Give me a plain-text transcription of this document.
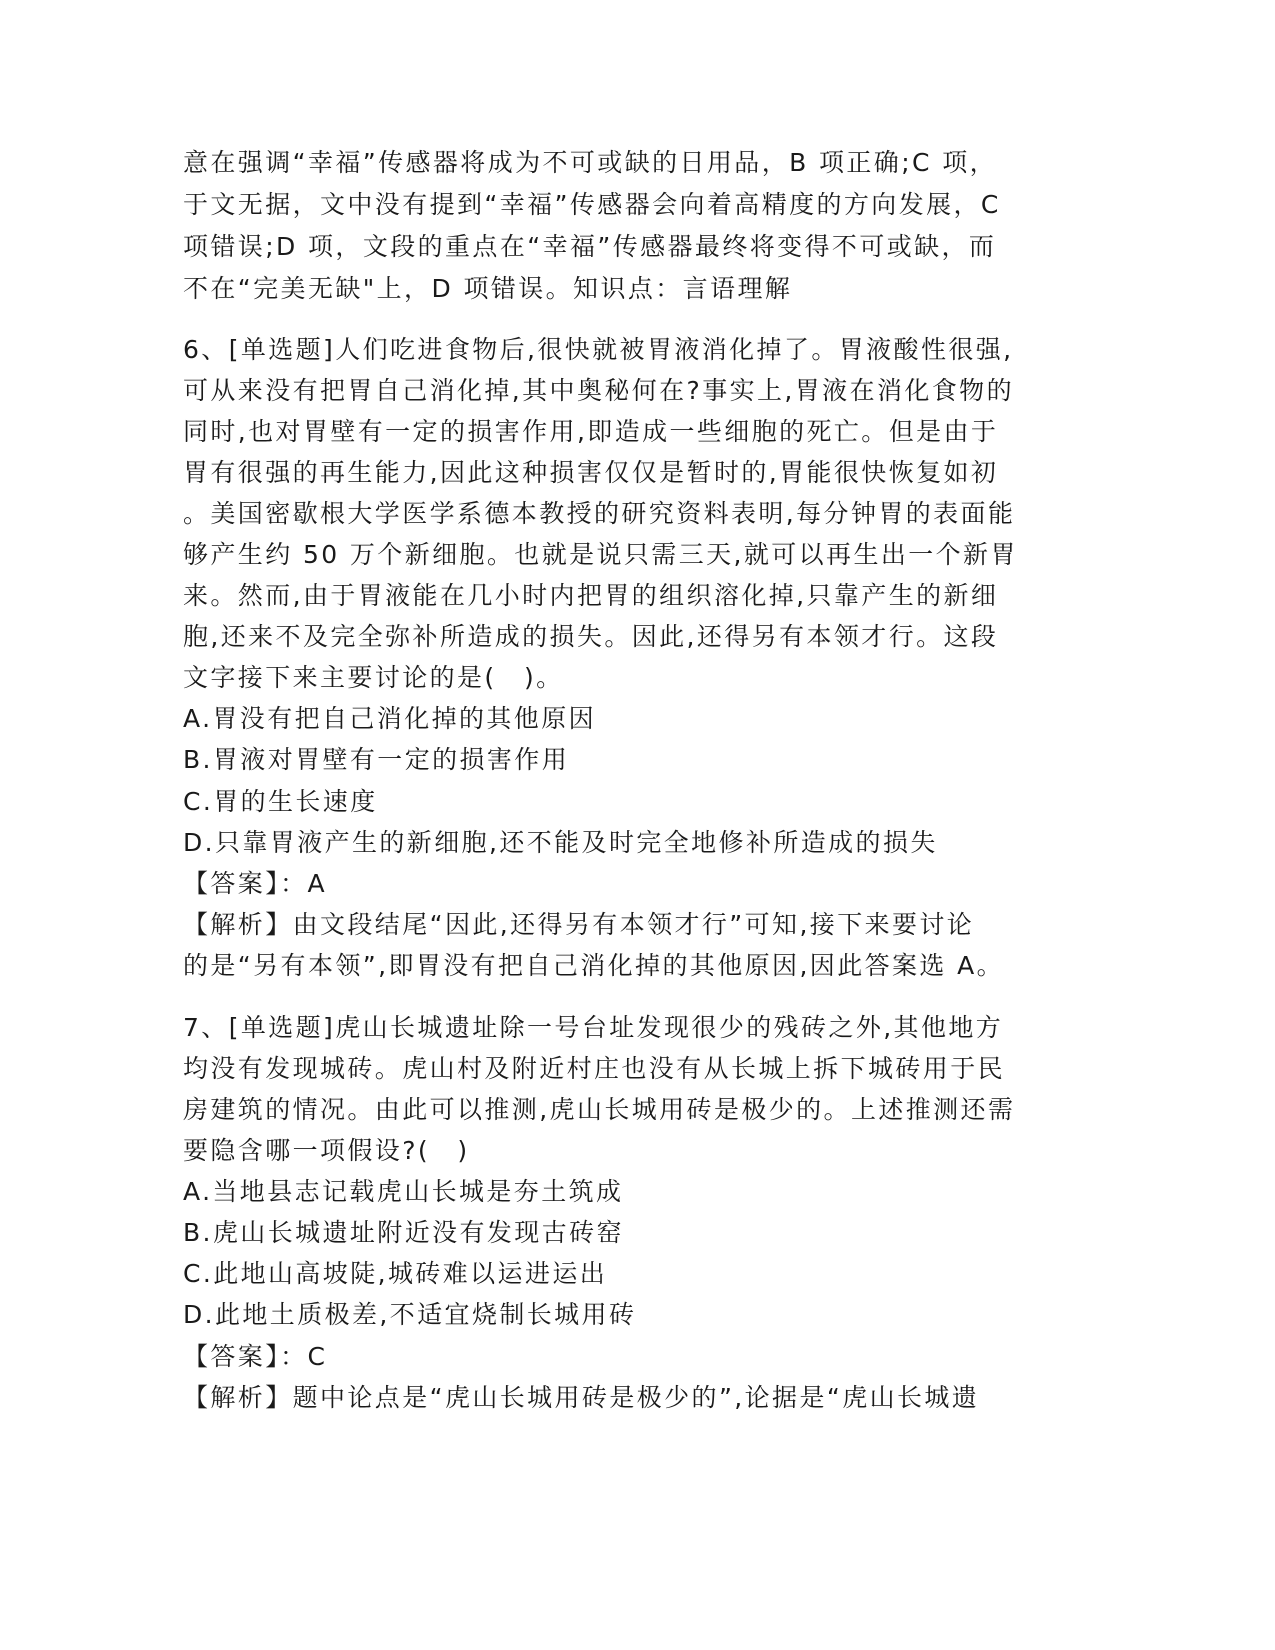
意在强调“幸福”传感器将成为不可或缺的日用品，B 项正确;C 项，
于文无据，文中没有提到“幸福”传感器会向着高精度的方向发展，C
项错误;D 项，文段的重点在“幸福”传感器最终将变得不可或缺，而
不在“完美无缺"上，D 项错误。知识点：言语理解
6、[单选题]人们吃进食物后,很快就被胃液消化掉了。胃液酸性很强,
可从来没有把胃自己消化掉,其中奥秘何在?事实上,胃液在消化食物的
同时,也对胃壁有一定的损害作用,即造成一些细胞的死亡。但是由于
胃有很强的再生能力,因此这种损害仅仅是暂时的,胃能很快恢复如初
。美国密歇根大学医学系德本教授的研究资料表明,每分钟胃的表面能
够产生约 50 万个新细胞。也就是说只需三天,就可以再生出一个新胃
来。然而,由于胃液能在几小时内把胃的组织溶化掉,只靠产生的新细
胞,还来不及完全弥补所造成的损失。因此,还得另有本领才行。这段
文字接下来主要讨论的是(　)。
A.胃没有把自己消化掉的其他原因
B.胃液对胃壁有一定的损害作用
C.胃的生长速度
D.只靠胃液产生的新细胞,还不能及时完全地修补所造成的损失
【答案】：A
【解析】由文段结尾“因此,还得另有本领才行”可知,接下来要讨论
的是“另有本领”,即胃没有把自己消化掉的其他原因,因此答案选 A。
7、[单选题]虎山长城遗址除一号台址发现很少的残砖之外,其他地方
均没有发现城砖。虎山村及附近村庄也没有从长城上拆下城砖用于民
房建筑的情况。由此可以推测,虎山长城用砖是极少的。上述推测还需
要隐含哪一项假设?(　)
A.当地县志记载虎山长城是夯土筑成
B.虎山长城遗址附近没有发现古砖窑
C.此地山高坡陡,城砖难以运进运出
D.此地土质极差,不适宜烧制长城用砖
【答案】：C
【解析】题中论点是“虎山长城用砖是极少的”,论据是“虎山长城遗
